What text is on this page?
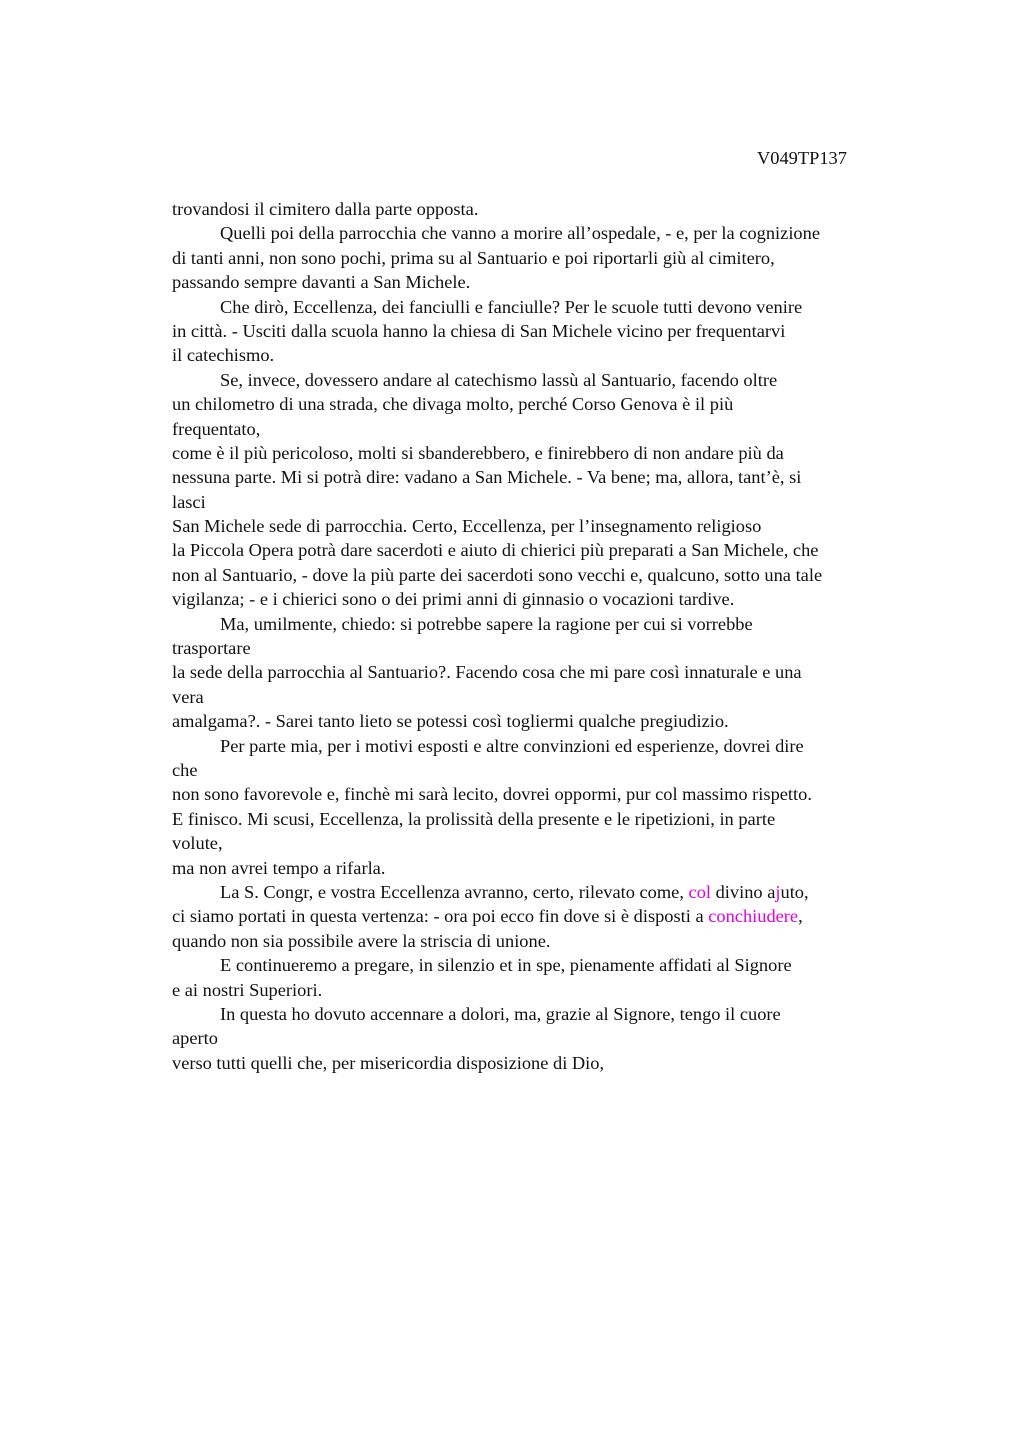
V049TP137
trovandosi il cimitero dalla parte opposta.
Quelli poi della parrocchia che vanno a morire all’ospedale, - e, per la cognizione
di tanti anni, non sono pochi, prima su al Santuario e poi riportarli giù al cimitero,
passando sempre davanti a San Michele.
Che dirò, Eccellenza, dei fanciulli e fanciulle? Per le scuole tutti devono venire
in città. - Usciti dalla scuola hanno la chiesa di San Michele vicino per frequentarvi
il catechismo.
Se, invece, dovessero andare al catechismo lassù al Santuario, facendo oltre
un chilometro di una strada, che divaga molto, perché Corso Genova è il più
frequentato,
come è il più pericoloso, molti si sbanderebbero, e finirebbero di non andare più da
nessuna parte. Mi si potrà dire: vadano a San Michele. - Va bene; ma, allora, tant’è, si
lasci
San Michele sede di parrocchia. Certo, Eccellenza, per l’insegnamento religioso
la Piccola Opera potrà dare sacerdoti e aiuto di chierici più preparati a San Michele, che
non al Santuario, - dove la più parte dei sacerdoti sono vecchi e, qualcuno, sotto una tale
vigilanza; - e i chierici sono o dei primi anni di ginnasio o vocazioni tardive.
Ma, umilmente, chiedo: si potrebbe sapere la ragione per cui si vorrebbe
trasportare
la sede della parrocchia al Santuario?. Facendo cosa che mi pare così innaturale e una
vera
amalgama?. - Sarei tanto lieto se potessi così togliermi qualche pregiudizio.
Per parte mia, per i motivi esposti e altre convinzioni ed esperienze, dovrei dire
che
non sono favorevole e, finchè mi sarà lecito, dovrei oppormi, pur col massimo rispetto.
E finisco. Mi scusi, Eccellenza, la prolissità della presente e le ripetizioni, in parte
volute,
ma non avrei tempo a rifarla.
La S. Congr, e vostra Eccellenza avranno, certo, rilevato come, col divino ajuto,
ci siamo portati in questa vertenza: - ora poi ecco fin dove si è disposti a conchiudere,
quando non sia possibile avere la striscia di unione.
E continueremo a pregare, in silenzio et in spe, pienamente affidati al Signore
e ai nostri Superiori.
In questa ho dovuto accennare a dolori, ma, grazie al Signore, tengo il cuore
aperto
verso tutti quelli che, per misericordia disposizione di Dio,
